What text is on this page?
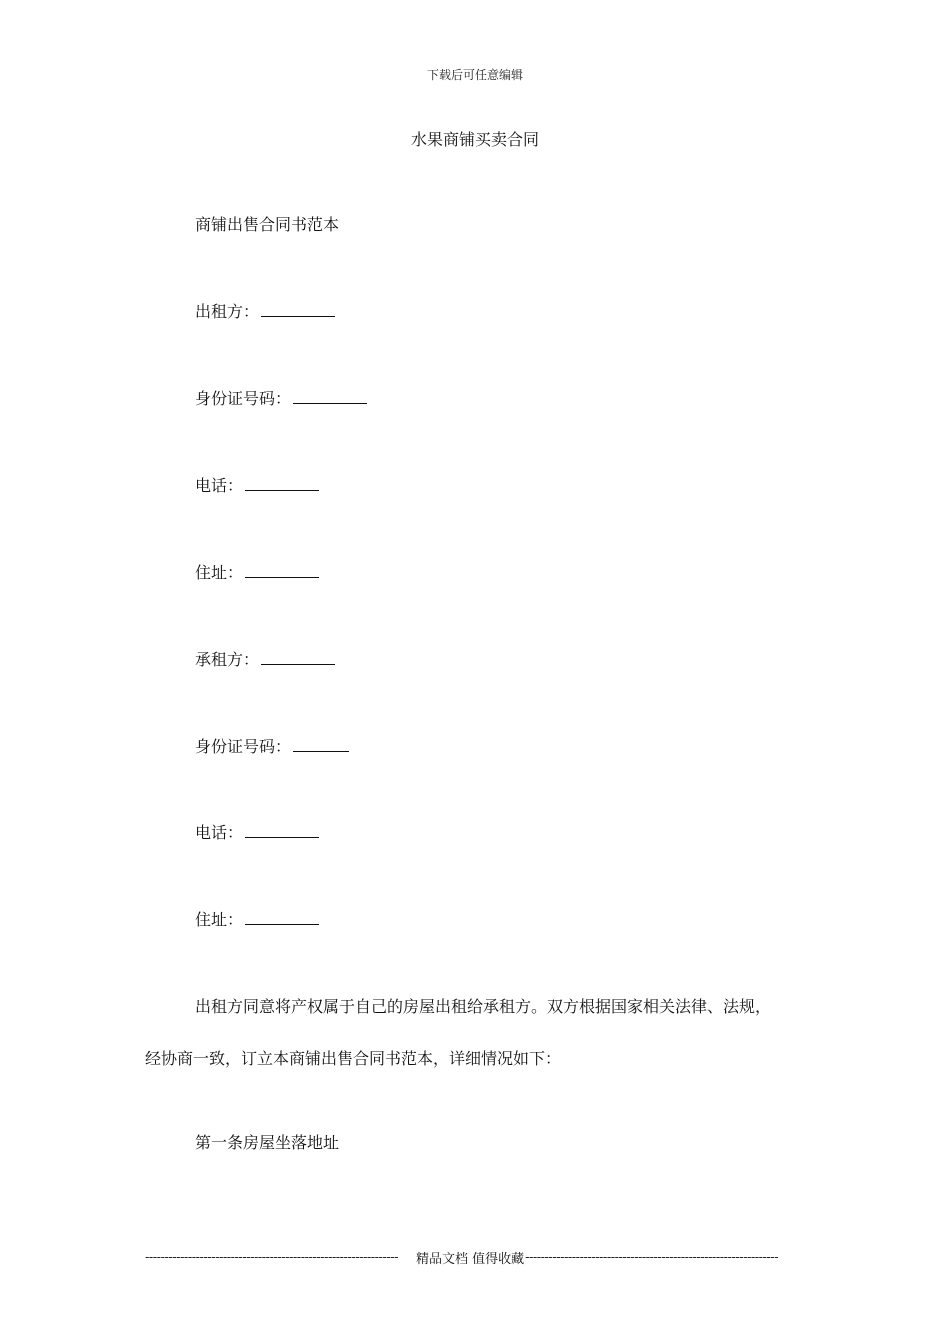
下载后可任意编辑
水果商铺买卖合同
商铺出售合同书范本
出租方：
身份证号码：
电话：
住址：
承租方：
身份证号码：
电话：
住址：
出租方同意将产权属于自己的房屋出租给承租方。双方根据国家相关法律、法规，
经协商一致，订立本商铺出售合同书范本，详细情况如下：
第一条房屋坐落地址
-----------------------------------------------------------------	精品文档 值得收藏 -----------------------------------------------------------------
